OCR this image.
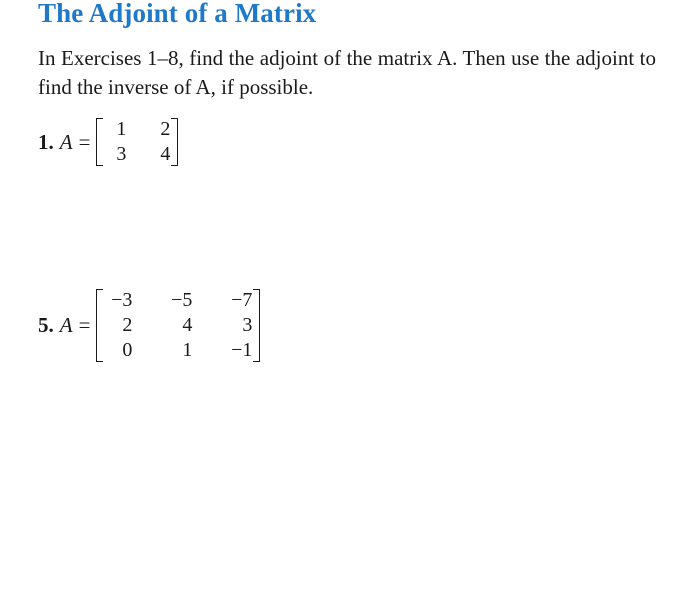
The Adjoint of a Matrix

In Exercises 1–8, find the adjoint of the matrix A. Then use the adjoint to find the inverse of A, if possible.

1. A =
1	2
3	4
5. A =
−3	−5	−7
2	4	3
0	1	−1
